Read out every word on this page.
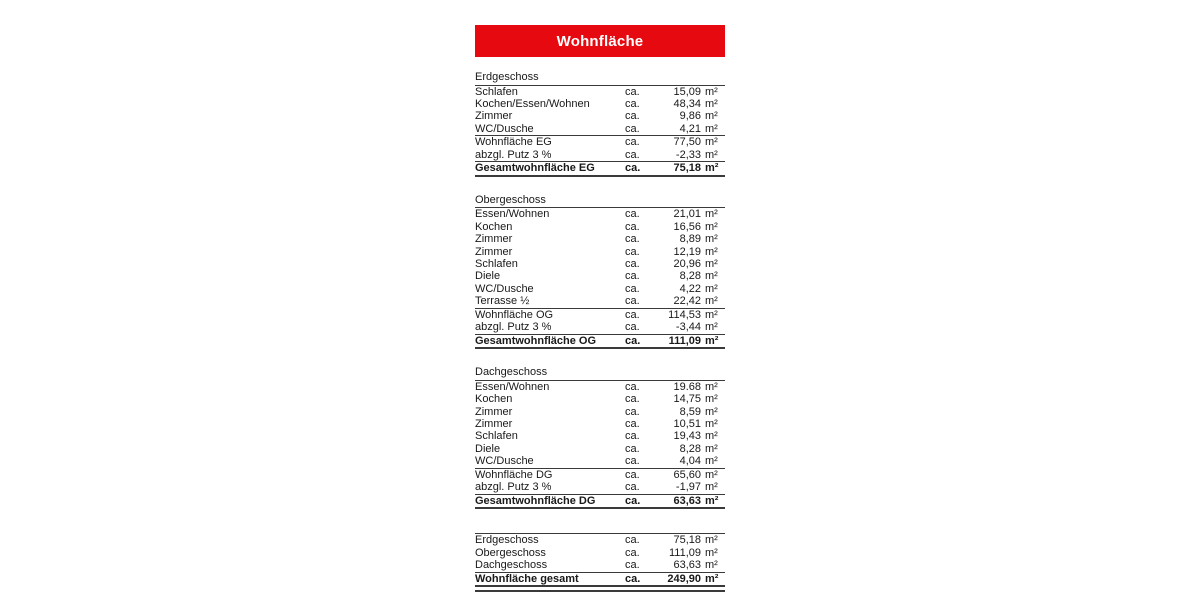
Wohnfläche
Erdgeschoss
Schlafen	ca.	15,09 m²
Kochen/Essen/Wohnen	ca.	48,34 m²
Zimmer	ca.	9,86 m²
WC/Dusche	ca.	4,21 m²
Wohnfläche EG	ca.	77,50 m²
abzgl. Putz 3 %	ca.	-2,33 m²
Gesamtwohnfläche EG	ca.	75,18 m²
Obergeschoss
Essen/Wohnen	ca.	21,01 m²
Kochen	ca.	16,56 m²
Zimmer	ca.	8,89 m²
Zimmer	ca.	12,19 m²
Schlafen	ca.	20,96 m²
Diele	ca.	8,28 m²
WC/Dusche	ca.	4,22 m²
Terrasse ½	ca.	22,42 m²
Wohnfläche OG	ca.	114,53 m²
abzgl. Putz 3 %	ca.	-3,44 m²
Gesamtwohnfläche OG	ca.	111,09 m²
Dachgeschoss
Essen/Wohnen	ca.	19.68 m²
Kochen	ca.	14,75 m²
Zimmer	ca.	8,59 m²
Zimmer	ca.	10,51 m²
Schlafen	ca.	19,43 m²
Diele	ca.	8,28 m²
WC/Dusche	ca.	4,04 m²
Wohnfläche DG	ca.	65,60 m²
abzgl. Putz 3 %	ca.	-1,97 m²
Gesamtwohnfläche DG	ca.	63,63 m²
Erdgeschoss	ca.	75,18 m²
Obergeschoss	ca.	111,09 m²
Dachgeschoss	ca.	63,63 m²
Wohnfläche gesamt	ca.	249,90 m²
